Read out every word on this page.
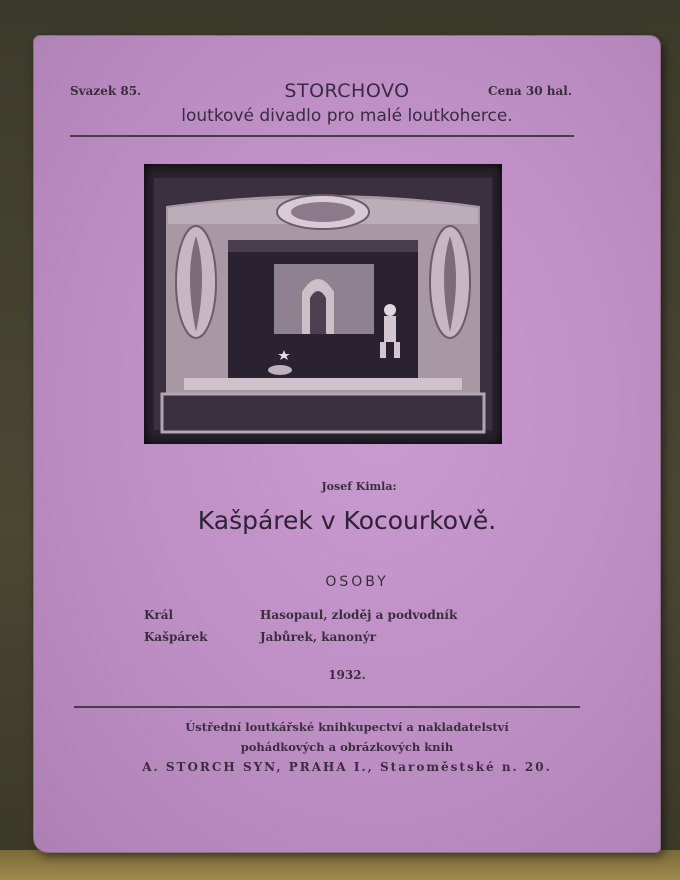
STORCHOVO
Svazek 85.	Cena 30 hal.
loutkové divadlo pro malé loutkoherce.
Josef Kimla:
Kašpárek v Kocourkově.
OSOBY
Král
Kašpárek
Hasopaul, zloděj a podvodník
Jabůrek, kanonýr
1932.
Ústřední loutkářské knihkupectví a nakladatelství
pohádkových a obrázkových knih
A. STORCH SYN, PRAHA I., Staroměstské n. 20.
